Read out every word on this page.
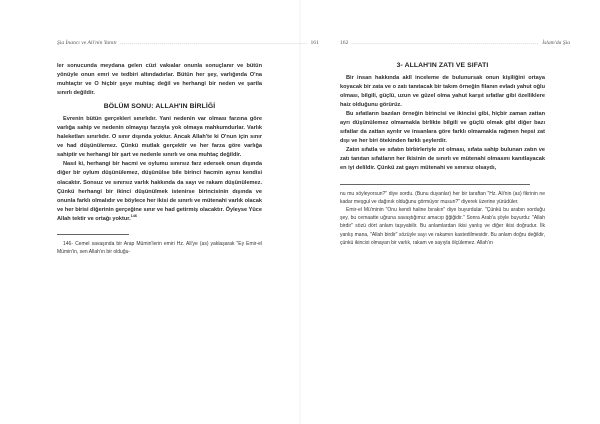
Şia İnancı ve Ali'nin Yanıtı .............................................................................................. 161

ler sonucunda meydana gelen cüzi vakıalar onunla sonuçlanır ve bütün yönüyle onun emri ve tedbiri altındadırlar. Bütün her şey, varlığında O'na muhtaçtır ve O hiçbir şeye muhtaç değil ve herhangi bir neden ve şartla sınırlı değildir.

BÖLÜM SONU: ALLAH'IN BİRLİĞİ

Evrenin bütün gerçekleri sınırlıdır. Yani nedenin var olması farzına göre varlığa sahip ve nedenin olmayışı farzıyla yok olmaya mahkumdurlar. Varlık haleketları sınırlıdır. O sınır dışında yoktur. Ancak Allah'te ki O'nun için sınır ve had düşünülemez. Çünkü mutlak gerçektir ve her farza göre varlığa sahiptir ve herhangi bir şart ve nedenle sınırlı ve ona muhtaç değildir.

Nasıl ki, herhangi bir hacmi ve oylumu sınırsız farz edersek onun dışında diğer bir oylum düşünülemez, düşünülse bile birinci hacmin ayrısı kendisi olacaktır. Sonsuz ve sınırsız varlık hakkında da sayı ve rakam düşünülemez. Çünkü herhangi bir ikinci düşünülmek istenirse birincisinin dışında ve onunla farklı olmalıdır ve böylece her ikisi de sınırlı ve mütenahi varlık olacak ve her birisi diğerinin gerçeğine sınır ve had getirmiş olacaktır. Öyleyse Yüce Allah tektir ve ortağı yoktur.$^{146}$

146- Cemel savaşında bir Arap Mümin'lerin emiri Hz. Ali'ye (as) yaklaşarak "Ey Emir-el Mümin'in, sen Allah'ın bir olduğu-

162 .............................................................................................. İslam'da Şia
3- ALLAH'IN ZATI VE SIFATI

Bir insan hakkında aklî inceleme de bulunursak onun kişiliğini ortaya koyacak bir zata ve o zatı tanıtacak bir takım örneğin filanın evladı yahut oğlu olması, bilgili, güçlü, uzun ve güzel olma yahut karşıt sıfatlar gibi özelliklere haiz olduğunu görürüz.

Bu sıfatların bazıları örneğin birincisi ve ikincisi gibi, hiçbir zaman zattan ayrı düşünülemez olmamakla birlikte bilgili ve güçlü olmak gibi diğer bazı sıfatlar da zattan ayrılır ve insanlara göre farklı olmamakla rağmen hepsi zat dışı ve her biri ötekinden farklı şeylerdir.

Zatın sıfatla ve sıfatın birbirleriyle zıt olması, sıfata sahip bulunan zatın ve zatı tanıtan sıfatların her ikisinin de sınırlı ve mütenahi olmasını kanıtlayacak en iyi delildir. Çünkü zat gayrı mütenahi ve sınırsız olsaydı,

nu mu söyleyorsun?" diye sordu. (Bunu duyanlar) her bir taraftan "Hz. Ali'nin (as) fikrinin ne kadar meşgul ve dağınık olduğunu görmüyor musun?" diyerek üzerine yürüdüler.

Emir-el Mü'minin "Onu kendi haline bırakın" diye buyurdular. "Çünkü bu arabın sorduğu şey, bu cemaatte uğruna savaştığımız amacıp ğğiğidir." Sonra Arab'a şöyle buyurdu: "Allah birdir" sözü dört anlam taşıyabilir. Bu anlamlardan ikisi yanlış ve diğer ikisi doğrudur. İlk yanlış mana, "Allah birdir" sözüyle sayı ve rakamın kastedilmesidir. Bu anlam doğru değildir, çünkü ikincisi olmayan bir varlık, rakam ve sayıyla ölçülemez. Allah'ın
